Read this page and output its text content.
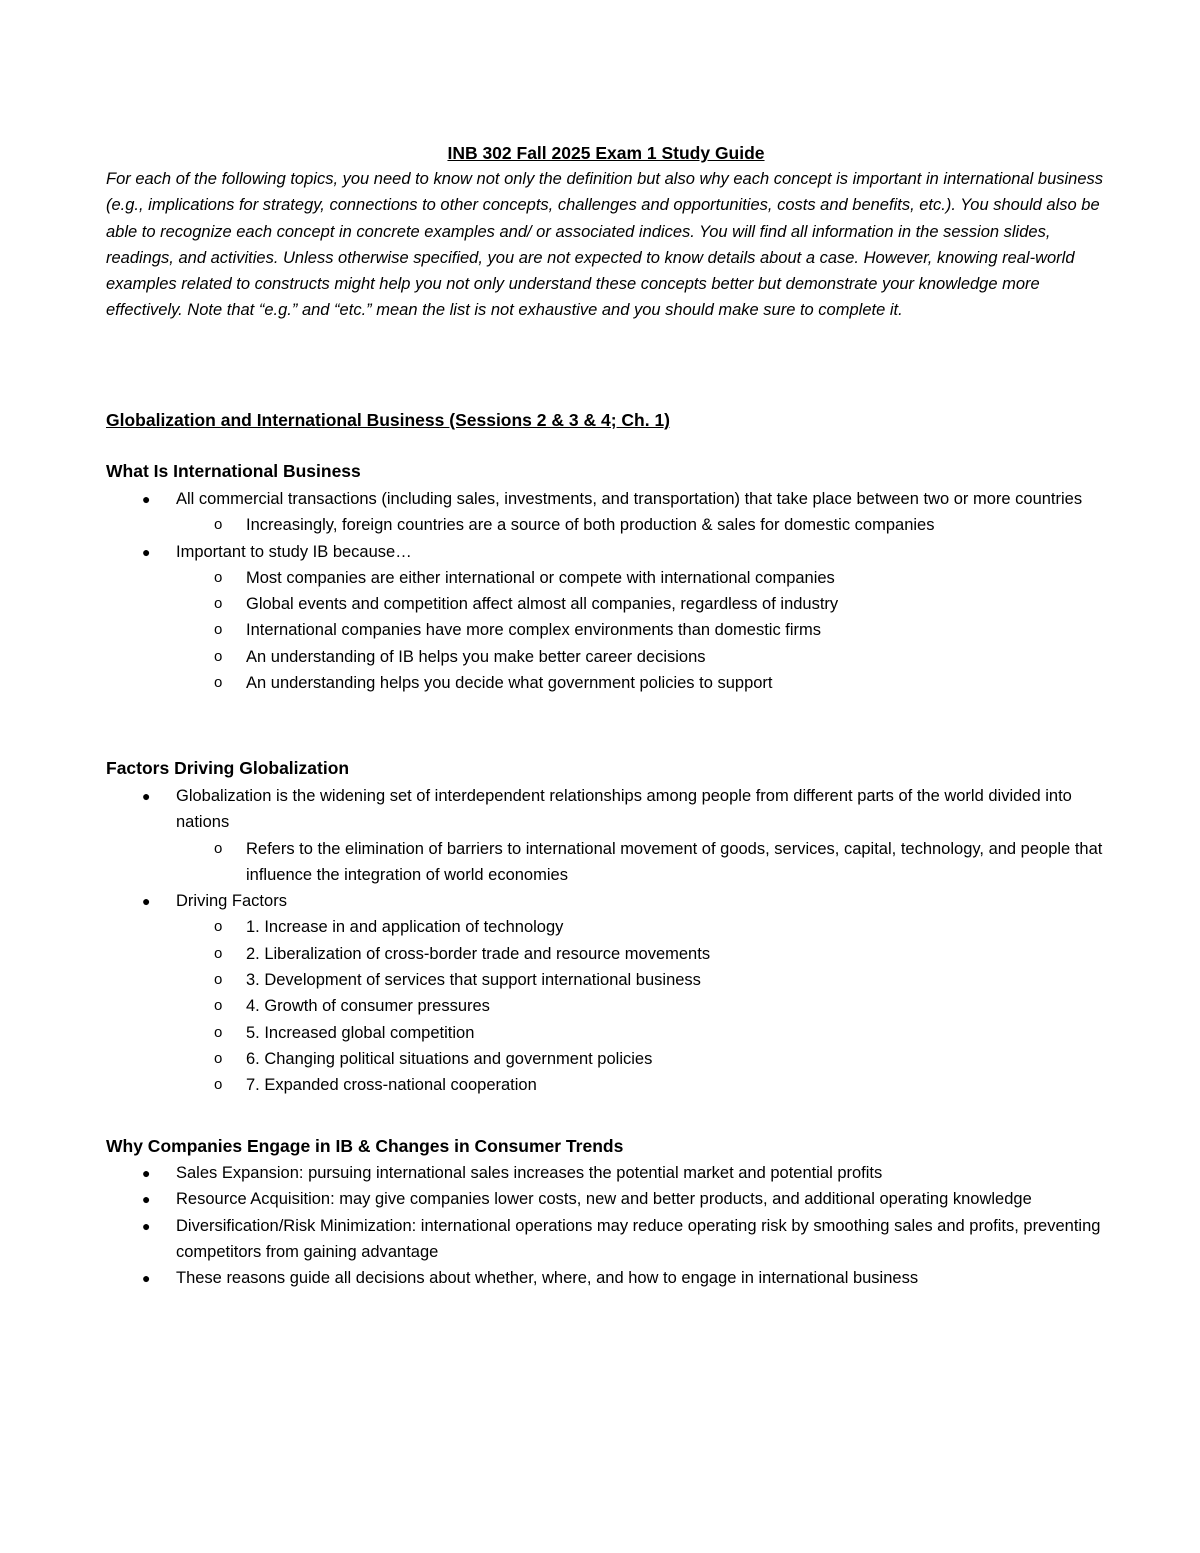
INB 302 Fall 2025 Exam 1 Study Guide

For each of the following topics, you need to know not only the definition but also why each concept is important in international business (e.g., implications for strategy, connections to other concepts, challenges and opportunities, costs and benefits, etc.). You should also be able to recognize each concept in concrete examples and/ or associated indices. You will find all information in the session slides, readings, and activities. Unless otherwise specified, you are not expected to know details about a case. However, knowing real-world examples related to constructs might help you not only understand these concepts better but demonstrate your knowledge more effectively. Note that “e.g.” and “etc.” mean the list is not exhaustive and you should make sure to complete it.

Globalization and International Business (Sessions 2 & 3 & 4; Ch. 1)

What Is International Business

● All commercial transactions (including sales, investments, and transportation) that take place between two or more countries
o Increasingly, foreign countries are a source of both production & sales for domestic companies
● Important to study IB because…
o Most companies are either international or compete with international companies
o Global events and competition affect almost all companies, regardless of industry
o International companies have more complex environments than domestic firms
o An understanding of IB helps you make better career decisions
o An understanding helps you decide what government policies to support

Factors Driving Globalization

● Globalization is the widening set of interdependent relationships among people from different parts of the world divided into nations
o Refers to the elimination of barriers to international movement of goods, services, capital, technology, and people that influence the integration of world economies
● Driving Factors
o 1. Increase in and application of technology
o 2. Liberalization of cross-border trade and resource movements
o 3. Development of services that support international business
o 4. Growth of consumer pressures
o 5. Increased global competition
o 6. Changing political situations and government policies
o 7. Expanded cross-national cooperation

Why Companies Engage in IB & Changes in Consumer Trends

● Sales Expansion: pursuing international sales increases the potential market and potential profits
● Resource Acquisition: may give companies lower costs, new and better products, and additional operating knowledge
● Diversification/Risk Minimization: international operations may reduce operating risk by smoothing sales and profits, preventing competitors from gaining advantage
● These reasons guide all decisions about whether, where, and how to engage in international business
